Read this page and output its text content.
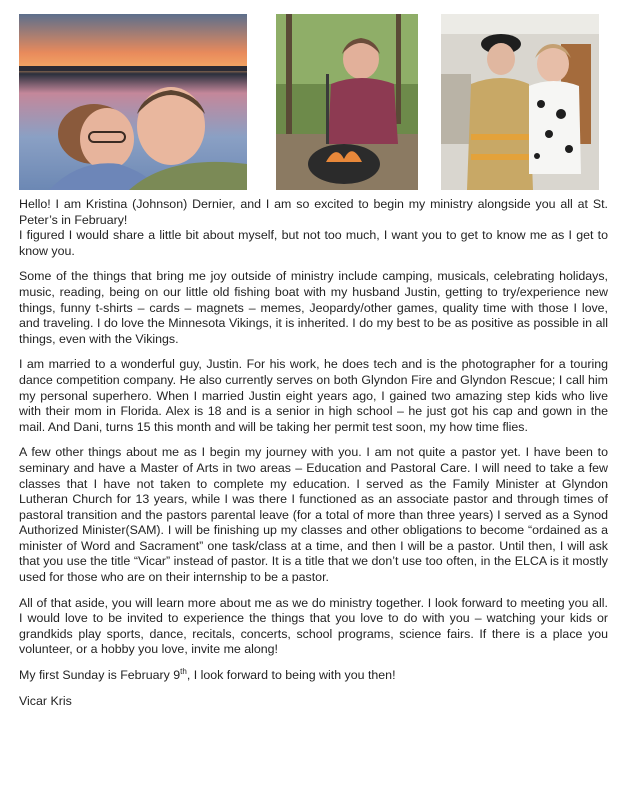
Hello! I am Kristina (Johnson) Dernier, and I am so excited to begin my ministry alongside you all at St. Peter’s in February!

I figured I would share a little bit about myself, but not too much, I want you to get to know me as I get to know you.

Some of the things that bring me joy outside of ministry include camping, musicals, celebrating holidays, music, reading, being on our little old fishing boat with my husband Justin, getting to try/experience new things, funny t-shirts – cards – magnets – memes, Jeopardy/other games, quality time with those I love, and traveling. I do love the Minnesota Vikings, it is inherited. I do my best to be as positive as possible in all things, even with the Vikings.

I am married to a wonderful guy, Justin. For his work, he does tech and is the photographer for a touring dance competition company. He also currently serves on both Glyndon Fire and Glyndon Rescue; I call him my personal superhero. When I married Justin eight years ago, I gained two amazing step kids who live with their mom in Florida. Alex is 18 and is a senior in high school – he just got his cap and gown in the mail. And Dani, turns 15 this month and will be taking her permit test soon, my how time flies.

A few other things about me as I begin my journey with you. I am not quite a pastor yet. I have been to seminary and have a Master of Arts in two areas – Education and Pastoral Care. I will need to take a few classes that I have not taken to complete my education. I served as the Family Minister at Glyndon Lutheran Church for 13 years, while I was there I functioned as an associate pastor and through times of pastoral transition and the pastors parental leave (for a total of more than three years) I served as a Synod Authorized Minister(SAM). I will be finishing up my classes and other obligations to become “ordained as a minister of Word and Sacrament” one task/class at a time, and then I will be a pastor. Until then, I will ask that you use the title “Vicar” instead of pastor. It is a title that we don’t use too often, in the ELCA is it mostly used for those who are on their internship to be a pastor.

All of that aside, you will learn more about me as we do ministry together. I look forward to meeting you all. I would love to be invited to experience the things that you love to do with you – watching your kids or grandkids play sports, dance, recitals, concerts, school programs, science fairs. If there is a place you volunteer, or a hobby you love, invite me along!

My first Sunday is February 9th, I look forward to being with you then!

Vicar Kris
